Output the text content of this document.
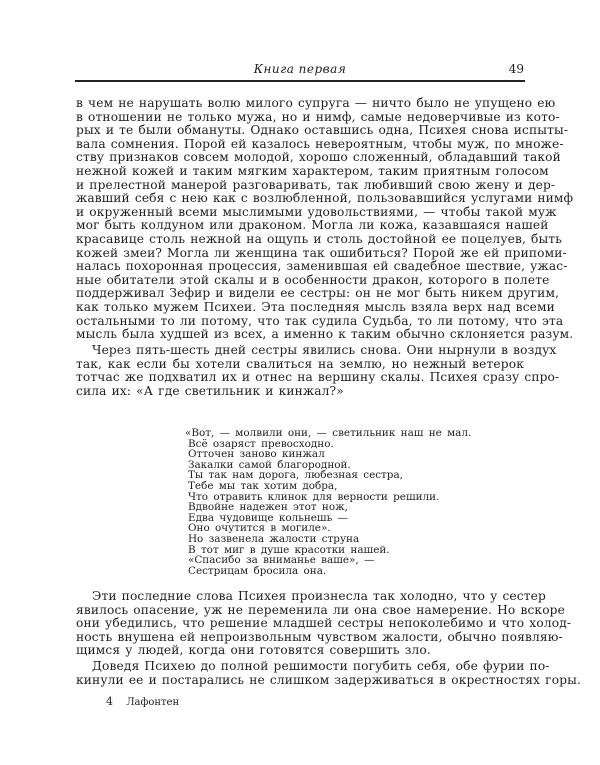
Книга первая	49
в чем не нарушать волю милого супруга — ничто было не упущено ею
в отношении не только мужа, но и нимф, самые недоверчивые из кото-
рых и те были обмануты. Однако оставшись одна, Психея снова испыты-
вала сомнения. Порой ей казалось невероятным, чтобы муж, по множе-
ству признаков совсем молодой, хорошо сложенный, обладавший такой
нежной кожей и таким мягким характером, таким приятным голосом
и прелестной манерой разговаривать, так любивший свою жену и дер-
жавший себя с нею как с возлюбленной, пользовавшийся услугами нимф
и окруженный всеми мыслимыми удовольствиями, — чтобы такой муж
мог быть колдуном или драконом. Могла ли кожа, казавшаяся нашей
красавице столь нежной на ощупь и столь достойной ее поцелуев, быть
кожей змеи? Могла ли женщина так ошибиться? Порой же ей припоми-
налась похоронная процессия, заменившая ей свадебное шествие, ужас-
ные обитатели этой скалы и в особенности дракон, которого в полете
поддерживал Зефир и видели ее сестры: он не мог быть никем другим,
как только мужем Психеи. Эта последняя мысль взяла верх над всеми
остальными то ли потому, что так судила Судьба, то ли потому, что эта
мысль была худшей из всех, а именно к таким обычно склоняется разум.
Через пять-шесть дней сестры явились снова. Они нырнули в воздух
так, как если бы хотели свалиться на землю, но нежный ветерок
тотчас же подхватил их и отнес на вершину скалы. Психея сразу спро-
сила их: «А где светильник и кинжал?»
Эти последние слова Психея произнесла так холодно, что у сестер
явилось опасение, уж не переменила ли она свое намерение. Но вскоре
они убедились, что решение младшей сестры непоколебимо и что холод-
ность внушена ей непроизвольным чувством жалости, обычно появляю-
щимся у людей, когда они готовятся совершить зло.
Доведя Психею до полной решимости погубить себя, обе фурии по-
кинули ее и постарались не слишком задерживаться в окрестностях горы.
«Вот, — молвили они, — светильник наш не мал.
Всё озаряст превосходно.
Отточен заново кинжал
Закалки самой благородной.
Ты так нам дорога, любезная сестра,
Тебе мы так хотим добра,
Что отравить клинок для верности решили.
Вдвойне надежен этот нож,
Едва чудовище кольнешь —
Оно очутится в могиле».
Но зазвенела жалости струна
В тот миг в душе красотки нашей.
«Спасибо за вниманье ваше», —
Сестрицам бросила она.
4 Лафонтен
